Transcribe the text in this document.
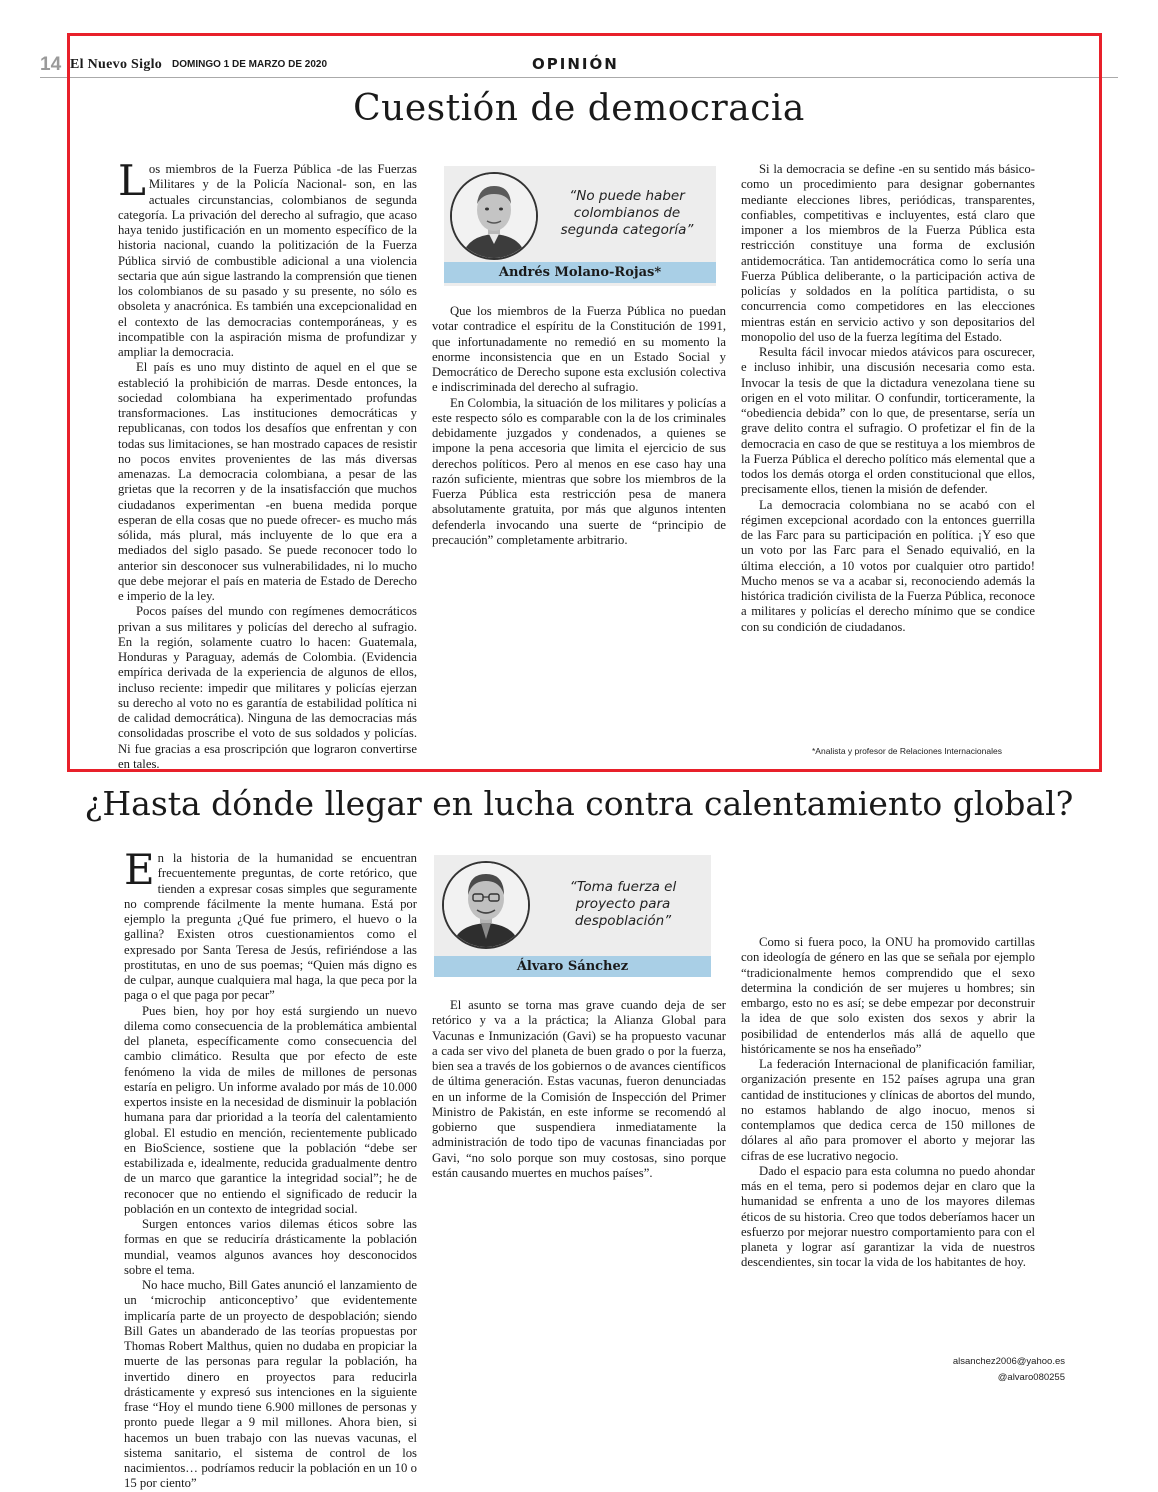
14 El Nuevo Siglo DOMINGO 1 DE MARZO DE 2020	OPINIÓN
Cuestión de democracia

Los miembros de la Fuerza Pública -de las Fuerzas Militares y de la Policía Nacional- son, en las actuales circunstancias, colombianos de segunda categoría. La privación del derecho al sufragio, que acaso haya tenido justificación en un momento específico de la historia nacional, cuando la politización de la Fuerza Pública sirvió de combustible adicional a una violencia sectaria que aún sigue lastrando la comprensión que tienen los colombianos de su pasado y su presente, no sólo es obsoleta y anacrónica. Es también una excepcionalidad en el contexto de las democracias contemporáneas, y es incompatible con la aspiración misma de profundizar y ampliar la democracia.

El país es uno muy distinto de aquel en el que se estableció la prohibición de marras. Desde entonces, la sociedad colombiana ha experimentado profundas transformaciones. Las instituciones democráticas y republicanas, con todos los desafíos que enfrentan y con todas sus limitaciones, se han mostrado capaces de resistir no pocos envites provenientes de las más diversas amenazas. La democracia colombiana, a pesar de las grietas que la recorren y de la insatisfacción que muchos ciudadanos experimentan -en buena medida porque esperan de ella cosas que no puede ofrecer- es mucho más sólida, más plural, más incluyente de lo que era a mediados del siglo pasado. Se puede reconocer todo lo anterior sin desconocer sus vulnerabilidades, ni lo mucho que debe mejorar el país en materia de Estado de Derecho e imperio de la ley.

Pocos países del mundo con regímenes democráticos privan a sus militares y policías del derecho al sufragio. En la región, solamente cuatro lo hacen: Guatemala, Honduras y Paraguay, además de Colombia. (Evidencia empírica derivada de la experiencia de algunos de ellos, incluso reciente: impedir que militares y policías ejerzan su derecho al voto no es garantía de estabilidad política ni de calidad democrática). Ninguna de las democracias más consolidadas proscribe el voto de sus soldados y policías. Ni fue gracias a esa proscripción que lograron convertirse en tales.

“No puede haber colombianos de segunda categoría”
Andrés Molano-Rojas*

Que los miembros de la Fuerza Pública no puedan votar contradice el espíritu de la Constitución de 1991, que infortunadamente no remedió en su momento la enorme inconsistencia que en un Estado Social y Democrático de Derecho supone esta exclusión colectiva e indiscriminada del derecho al sufragio.

En Colombia, la situación de los militares y policías a este respecto sólo es comparable con la de los criminales debidamente juzgados y condenados, a quienes se impone la pena accesoria que limita el ejercicio de sus derechos políticos. Pero al menos en ese caso hay una razón suficiente, mientras que sobre los miembros de la Fuerza Pública esta restricción pesa de manera absolutamente gratuita, por más que algunos intenten defenderla invocando una suerte de “principio de precaución” completamente arbitrario.

Si la democracia se define -en su sentido más básico- como un procedimiento para designar gobernantes mediante elecciones libres, periódicas, transparentes, confiables, competitivas e incluyentes, está claro que imponer a los miembros de la Fuerza Pública esta restricción constituye una forma de exclusión antidemocrática. Tan antidemocrática como lo sería una Fuerza Pública deliberante, o la participación activa de policías y soldados en la política partidista, o su concurrencia como competidores en las elecciones mientras están en servicio activo y son depositarios del monopolio del uso de la fuerza legítima del Estado.

Resulta fácil invocar miedos atávicos para oscurecer, e incluso inhibir, una discusión necesaria como esta. Invocar la tesis de que la dictadura venezolana tiene su origen en el voto militar. O confundir, torticeramente, la “obediencia debida” con lo que, de presentarse, sería un grave delito contra el sufragio. O profetizar el fin de la democracia en caso de que se restituya a los miembros de la Fuerza Pública el derecho político más elemental que a todos los demás otorga el orden constitucional que ellos, precisamente ellos, tienen la misión de defender.

La democracia colombiana no se acabó con el régimen excepcional acordado con la entonces guerrilla de las Farc para su participación en política. ¡Y eso que un voto por las Farc para el Senado equivalió, en la última elección, a 10 votos por cualquier otro partido! Mucho menos se va a acabar si, reconociendo además la histórica tradición civilista de la Fuerza Pública, reconoce a militares y policías el derecho mínimo que se condice con su condición de ciudadanos.

*Analista y profesor de Relaciones Internacionales
¿Hasta dónde llegar en lucha contra calentamiento global?

En la historia de la humanidad se encuentran frecuentemente preguntas, de corte retórico, que tienden a expresar cosas simples que seguramente no comprende fácilmente la mente humana. Está por ejemplo la pregunta ¿Qué fue primero, el huevo o la gallina? Existen otros cuestionamientos como el expresado por Santa Teresa de Jesús, refiriéndose a las prostitutas, en uno de sus poemas; “Quien más digno es de culpar, aunque cualquiera mal haga, la que peca por la paga o el que paga por pecar”

Pues bien, hoy por hoy está surgiendo un nuevo dilema como consecuencia de la problemática ambiental del planeta, específicamente como consecuencia del cambio climático. Resulta que por efecto de este fenómeno la vida de miles de millones de personas estaría en peligro. Un informe avalado por más de 10.000 expertos insiste en la necesidad de disminuir la población humana para dar prioridad a la teoría del calentamiento global. El estudio en mención, recientemente publicado en BioScience, sostiene que la población “debe ser estabilizada e, idealmente, reducida gradualmente dentro de un marco que garantice la integridad social”; he de reconocer que no entiendo el significado de reducir la población en un contexto de integridad social.

Surgen entonces varios dilemas éticos sobre las formas en que se reduciría drásticamente la población mundial, veamos algunos avances hoy desconocidos sobre el tema.

No hace mucho, Bill Gates anunció el lanzamiento de un ‘microchip anticonceptivo’ que evidentemente implicaría parte de un proyecto de despoblación; siendo Bill Gates un abanderado de las teorías propuestas por Thomas Robert Malthus, quien no dudaba en propiciar la muerte de las personas para regular la población, ha invertido dinero en proyectos para reducirla drásticamente y expresó sus intenciones en la siguiente frase “Hoy el mundo tiene 6.900 millones de personas y pronto puede llegar a 9 mil millones. Ahora bien, si hacemos un buen trabajo con las nuevas vacunas, el sistema sanitario, el sistema de control de los nacimientos… podríamos reducir la población en un 10 o 15 por ciento”

“Toma fuerza el proyecto para despoblación”
Álvaro Sánchez

El asunto se torna mas grave cuando deja de ser retórico y va a la práctica; la Alianza Global para Vacunas e Inmunización (Gavi) se ha propuesto vacunar a cada ser vivo del planeta de buen grado o por la fuerza, bien sea a través de los gobiernos o de avances científicos de última generación. Estas vacunas, fueron denunciadas en un informe de la Comisión de Inspección del Primer Ministro de Pakistán, en este informe se recomendó al gobierno que suspendiera inmediatamente la administración de todo tipo de vacunas financiadas por Gavi, “no solo porque son muy costosas, sino porque están causando muertes en muchos países”.

Como si fuera poco, la ONU ha promovido cartillas con ideología de género en las que se señala por ejemplo “tradicionalmente hemos comprendido que el sexo determina la condición de ser mujeres u hombres; sin embargo, esto no es así; se debe empezar por deconstruir la idea de que solo existen dos sexos y abrir la posibilidad de entenderlos más allá de aquello que históricamente se nos ha enseñado”

La federación Internacional de planificación familiar, organización presente en 152 países agrupa una gran cantidad de instituciones y clínicas de abortos del mundo, no estamos hablando de algo inocuo, menos si contemplamos que dedica cerca de 150 millones de dólares al año para promover el aborto y mejorar las cifras de ese lucrativo negocio.

Dado el espacio para esta columna no puedo ahondar más en el tema, pero si podemos dejar en claro que la humanidad se enfrenta a uno de los mayores dilemas éticos de su historia. Creo que todos deberíamos hacer un esfuerzo por mejorar nuestro comportamiento para con el planeta y lograr así garantizar la vida de nuestros descendientes, sin tocar la vida de los habitantes de hoy.

alsanchez2006@yahoo.es
@alvaro080255
